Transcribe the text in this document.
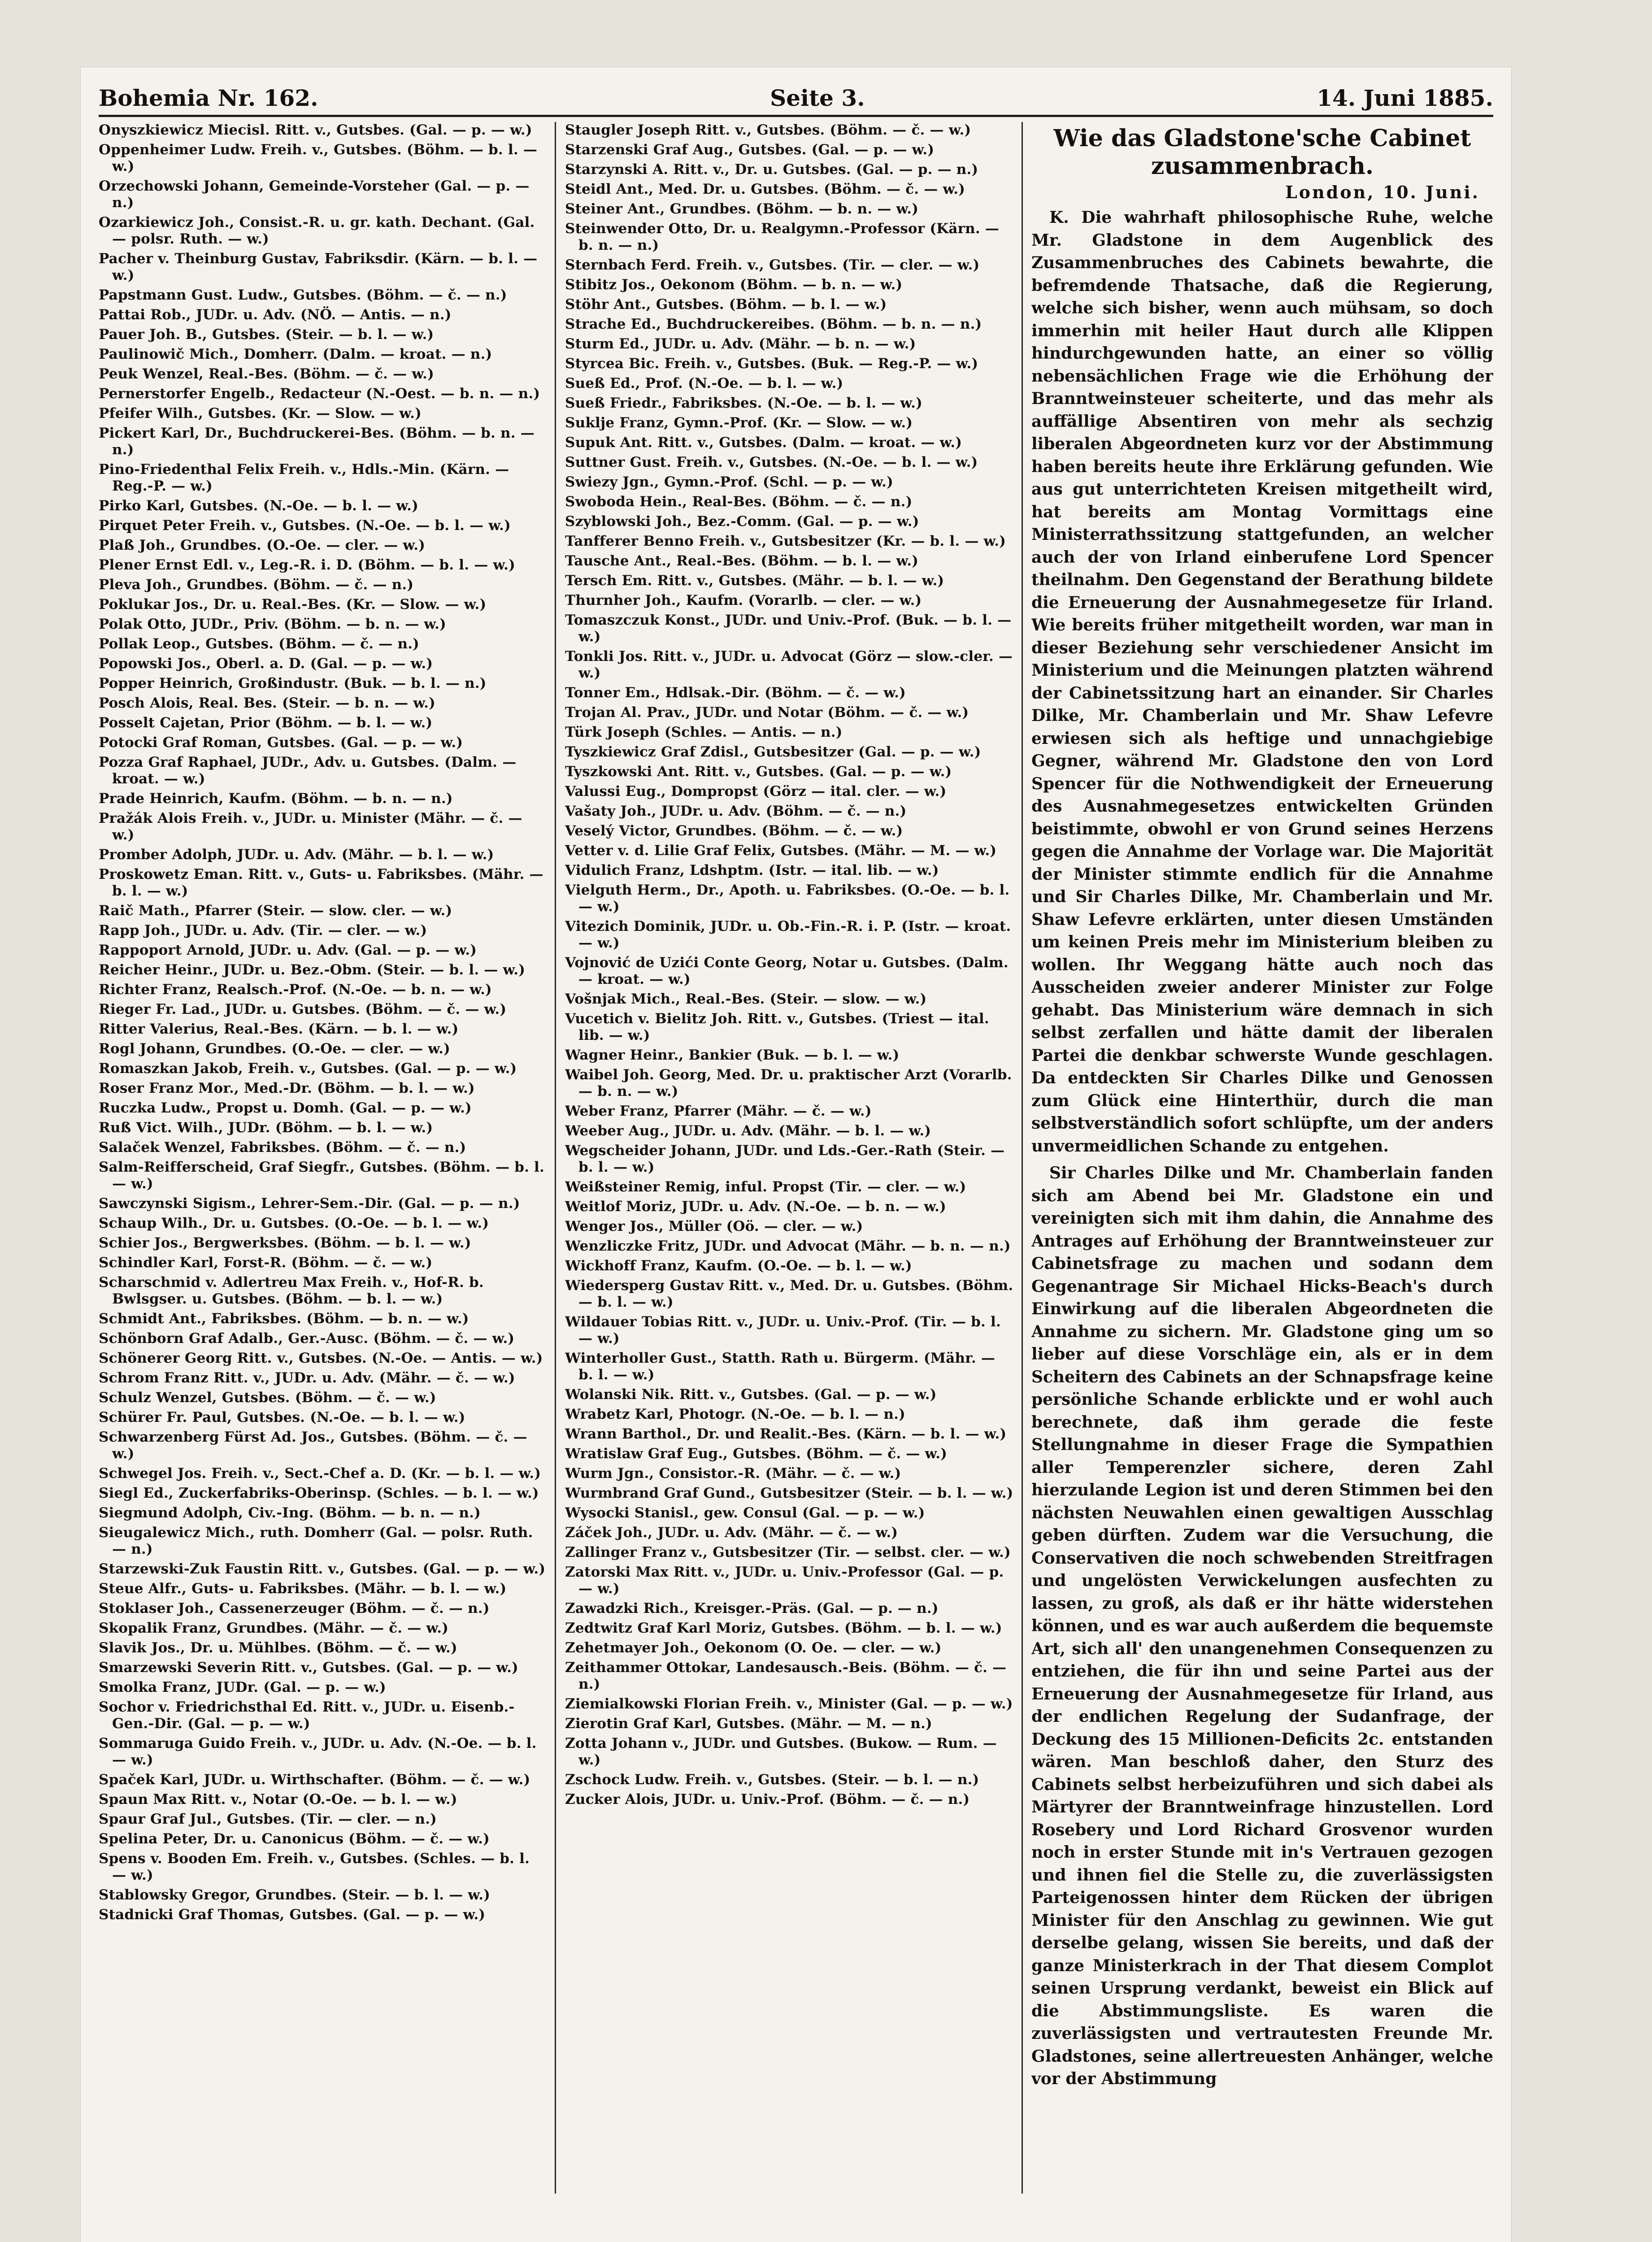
Bohemia Nr. 162.	Seite 3.	14. Juni 1885.

Onyszkiewicz Miecisl. Ritt. v., Gutsbes. (Gal. — p. — w.)

Oppenheimer Ludw. Freih. v., Gutsbes. (Böhm. — b. l. — w.)

Orzechowski Johann, Gemeinde-Vorsteher (Gal. — p. — n.)

Ozarkiewicz Joh., Consist.-R. u. gr. kath. Dechant. (Gal. — polsr. Ruth. — w.)

Pacher v. Theinburg Gustav, Fabriksdir. (Kärn. — b. l. — w.)

Papstmann Gust. Ludw., Gutsbes. (Böhm. — č. — n.)

Pattai Rob., JUDr. u. Adv. (NÖ. — Antis. — n.)

Pauer Joh. B., Gutsbes. (Steir. — b. l. — w.)

Paulinowič Mich., Domherr. (Dalm. — kroat. — n.)

Peuk Wenzel, Real.-Bes. (Böhm. — č. — w.)

Pernerstorfer Engelb., Redacteur (N.-Oest. — b. n. — n.)

Pfeifer Wilh., Gutsbes. (Kr. — Slow. — w.)

Pickert Karl, Dr., Buchdruckerei-Bes. (Böhm. — b. n. — n.)

Pino-Friedenthal Felix Freih. v., Hdls.-Min. (Kärn. — Reg.-P. — w.)

Pirko Karl, Gutsbes. (N.-Oe. — b. l. — w.)

Pirquet Peter Freih. v., Gutsbes. (N.-Oe. — b. l. — w.)

Plaß Joh., Grundbes. (O.-Oe. — cler. — w.)

Plener Ernst Edl. v., Leg.-R. i. D. (Böhm. — b. l. — w.)

Pleva Joh., Grundbes. (Böhm. — č. — n.)

Poklukar Jos., Dr. u. Real.-Bes. (Kr. — Slow. — w.)

Polak Otto, JUDr., Priv. (Böhm. — b. n. — w.)

Pollak Leop., Gutsbes. (Böhm. — č. — n.)

Popowski Jos., Oberl. a. D. (Gal. — p. — w.)

Popper Heinrich, Großindustr. (Buk. — b. l. — n.)

Posch Alois, Real. Bes. (Steir. — b. n. — w.)

Posselt Cajetan, Prior (Böhm. — b. l. — w.)

Potocki Graf Roman, Gutsbes. (Gal. — p. — w.)

Pozza Graf Raphael, JUDr., Adv. u. Gutsbes. (Dalm. — kroat. — w.)

Prade Heinrich, Kaufm. (Böhm. — b. n. — n.)

Pražák Alois Freih. v., JUDr. u. Minister (Mähr. — č. — w.)

Promber Adolph, JUDr. u. Adv. (Mähr. — b. l. — w.)

Proskowetz Eman. Ritt. v., Guts- u. Fabriksbes. (Mähr. — b. l. — w.)

Raič Math., Pfarrer (Steir. — slow. cler. — w.)

Rapp Joh., JUDr. u. Adv. (Tir. — cler. — w.)

Rappoport Arnold, JUDr. u. Adv. (Gal. — p. — w.)

Reicher Heinr., JUDr. u. Bez.-Obm. (Steir. — b. l. — w.)

Richter Franz, Realsch.-Prof. (N.-Oe. — b. n. — w.)

Rieger Fr. Lad., JUDr. u. Gutsbes. (Böhm. — č. — w.)

Ritter Valerius, Real.-Bes. (Kärn. — b. l. — w.)

Rogl Johann, Grundbes. (O.-Oe. — cler. — w.)

Romaszkan Jakob, Freih. v., Gutsbes. (Gal. — p. — w.)

Roser Franz Mor., Med.-Dr. (Böhm. — b. l. — w.)

Ruczka Ludw., Propst u. Domh. (Gal. — p. — w.)

Ruß Vict. Wilh., JUDr. (Böhm. — b. l. — w.)

Salaček Wenzel, Fabriksbes. (Böhm. — č. — n.)

Salm-Reifferscheid, Graf Siegfr., Gutsbes. (Böhm. — b. l. — w.)

Sawczynski Sigism., Lehrer-Sem.-Dir. (Gal. — p. — n.)

Schaup Wilh., Dr. u. Gutsbes. (O.-Oe. — b. l. — w.)

Schier Jos., Bergwerksbes. (Böhm. — b. l. — w.)

Schindler Karl, Forst-R. (Böhm. — č. — w.)

Scharschmid v. Adlertreu Max Freih. v., Hof-R. b. Bwlsgser. u. Gutsbes. (Böhm. — b. l. — w.)

Schmidt Ant., Fabriksbes. (Böhm. — b. n. — w.)

Schönborn Graf Adalb., Ger.-Ausc. (Böhm. — č. — w.)

Schönerer Georg Ritt. v., Gutsbes. (N.-Oe. — Antis. — w.)

Schrom Franz Ritt. v., JUDr. u. Adv. (Mähr. — č. — w.)

Schulz Wenzel, Gutsbes. (Böhm. — č. — w.)

Schürer Fr. Paul, Gutsbes. (N.-Oe. — b. l. — w.)

Schwarzenberg Fürst Ad. Jos., Gutsbes. (Böhm. — č. — w.)

Schwegel Jos. Freih. v., Sect.-Chef a. D. (Kr. — b. l. — w.)

Siegl Ed., Zuckerfabriks-Oberinsp. (Schles. — b. l. — w.)

Siegmund Adolph, Civ.-Ing. (Böhm. — b. n. — n.)

Sieugalewicz Mich., ruth. Domherr (Gal. — polsr. Ruth. — n.)

Starzewski-Zuk Faustin Ritt. v., Gutsbes. (Gal. — p. — w.)

Steue Alfr., Guts- u. Fabriksbes. (Mähr. — b. l. — w.)

Stoklaser Joh., Cassenerzeuger (Böhm. — č. — n.)

Skopalik Franz, Grundbes. (Mähr. — č. — w.)

Slavik Jos., Dr. u. Mühlbes. (Böhm. — č. — w.)

Smarzewski Severin Ritt. v., Gutsbes. (Gal. — p. — w.)

Smolka Franz, JUDr. (Gal. — p. — w.)

Sochor v. Friedrichsthal Ed. Ritt. v., JUDr. u. Eisenb.-Gen.-Dir. (Gal. — p. — w.)

Sommaruga Guido Freih. v., JUDr. u. Adv. (N.-Oe. — b. l. — w.)

Spaček Karl, JUDr. u. Wirthschafter. (Böhm. — č. — w.)

Spaun Max Ritt. v., Notar (O.-Oe. — b. l. — w.)

Spaur Graf Jul., Gutsbes. (Tir. — cler. — n.)

Spelina Peter, Dr. u. Canonicus (Böhm. — č. — w.)

Spens v. Booden Em. Freih. v., Gutsbes. (Schles. — b. l. — w.)

Stablowsky Gregor, Grundbes. (Steir. — b. l. — w.)

Stadnicki Graf Thomas, Gutsbes. (Gal. — p. — w.)

Staugler Joseph Ritt. v., Gutsbes. (Böhm. — č. — w.)

Starzenski Graf Aug., Gutsbes. (Gal. — p. — w.)

Starzynski A. Ritt. v., Dr. u. Gutsbes. (Gal. — p. — n.)

Steidl Ant., Med. Dr. u. Gutsbes. (Böhm. — č. — w.)

Steiner Ant., Grundbes. (Böhm. — b. n. — w.)

Steinwender Otto, Dr. u. Realgymn.-Professor (Kärn. — b. n. — n.)

Sternbach Ferd. Freih. v., Gutsbes. (Tir. — cler. — w.)

Stibitz Jos., Oekonom (Böhm. — b. n. — w.)

Stöhr Ant., Gutsbes. (Böhm. — b. l. — w.)

Strache Ed., Buchdruckereibes. (Böhm. — b. n. — n.)

Sturm Ed., JUDr. u. Adv. (Mähr. — b. n. — w.)

Styrcea Bic. Freih. v., Gutsbes. (Buk. — Reg.-P. — w.)

Sueß Ed., Prof. (N.-Oe. — b. l. — w.)

Sueß Friedr., Fabriksbes. (N.-Oe. — b. l. — w.)

Suklje Franz, Gymn.-Prof. (Kr. — Slow. — w.)

Supuk Ant. Ritt. v., Gutsbes. (Dalm. — kroat. — w.)

Suttner Gust. Freih. v., Gutsbes. (N.-Oe. — b. l. — w.)

Swiezy Jgn., Gymn.-Prof. (Schl. — p. — w.)

Swoboda Hein., Real-Bes. (Böhm. — č. — n.)

Szyblowski Joh., Bez.-Comm. (Gal. — p. — w.)

Tanfferer Benno Freih. v., Gutsbesitzer (Kr. — b. l. — w.)

Tausche Ant., Real.-Bes. (Böhm. — b. l. — w.)

Tersch Em. Ritt. v., Gutsbes. (Mähr. — b. l. — w.)

Thurnher Joh., Kaufm. (Vorarlb. — cler. — w.)

Tomaszczuk Konst., JUDr. und Univ.-Prof. (Buk. — b. l. — w.)

Tonkli Jos. Ritt. v., JUDr. u. Advocat (Görz — slow.-cler. — w.)

Tonner Em., Hdlsak.-Dir. (Böhm. — č. — w.)

Trojan Al. Prav., JUDr. und Notar (Böhm. — č. — w.)

Türk Joseph (Schles. — Antis. — n.)

Tyszkiewicz Graf Zdisl., Gutsbesitzer (Gal. — p. — w.)

Tyszkowski Ant. Ritt. v., Gutsbes. (Gal. — p. — w.)

Valussi Eug., Dompropst (Görz — ital. cler. — w.)

Vašaty Joh., JUDr. u. Adv. (Böhm. — č. — n.)

Veselý Victor, Grundbes. (Böhm. — č. — w.)

Vetter v. d. Lilie Graf Felix, Gutsbes. (Mähr. — M. — w.)

Vidulich Franz, Ldshptm. (Istr. — ital. lib. — w.)

Vielguth Herm., Dr., Apoth. u. Fabriksbes. (O.-Oe. — b. l. — w.)

Vitezich Dominik, JUDr. u. Ob.-Fin.-R. i. P. (Istr. — kroat. — w.)

Vojnović de Uzići Conte Georg, Notar u. Gutsbes. (Dalm. — kroat. — w.)

Vošnjak Mich., Real.-Bes. (Steir. — slow. — w.)

Vucetich v. Bielitz Joh. Ritt. v., Gutsbes. (Triest — ital. lib. — w.)

Wagner Heinr., Bankier (Buk. — b. l. — w.)

Waibel Joh. Georg, Med. Dr. u. praktischer Arzt (Vorarlb. — b. n. — w.)

Weber Franz, Pfarrer (Mähr. — č. — w.)

Weeber Aug., JUDr. u. Adv. (Mähr. — b. l. — w.)

Wegscheider Johann, JUDr. und Lds.-Ger.-Rath (Steir. — b. l. — w.)

Weißsteiner Remig, inful. Propst (Tir. — cler. — w.)

Weitlof Moriz, JUDr. u. Adv. (N.-Oe. — b. n. — w.)

Wenger Jos., Müller (Oö. — cler. — w.)

Wenzliczke Fritz, JUDr. und Advocat (Mähr. — b. n. — n.)

Wickhoff Franz, Kaufm. (O.-Oe. — b. l. — w.)

Wiedersperg Gustav Ritt. v., Med. Dr. u. Gutsbes. (Böhm. — b. l. — w.)

Wildauer Tobias Ritt. v., JUDr. u. Univ.-Prof. (Tir. — b. l. — w.)

Winterholler Gust., Statth. Rath u. Bürgerm. (Mähr. — b. l. — w.)

Wolanski Nik. Ritt. v., Gutsbes. (Gal. — p. — w.)

Wrabetz Karl, Photogr. (N.-Oe. — b. l. — n.)

Wrann Barthol., Dr. und Realit.-Bes. (Kärn. — b. l. — w.)

Wratislaw Graf Eug., Gutsbes. (Böhm. — č. — w.)

Wurm Jgn., Consistor.-R. (Mähr. — č. — w.)

Wurmbrand Graf Gund., Gutsbesitzer (Steir. — b. l. — w.)

Wysocki Stanisl., gew. Consul (Gal. — p. — w.)

Záček Joh., JUDr. u. Adv. (Mähr. — č. — w.)

Zallinger Franz v., Gutsbesitzer (Tir. — selbst. cler. — w.)

Zatorski Max Ritt. v., JUDr. u. Univ.-Professor (Gal. — p. — w.)

Zawadzki Rich., Kreisger.-Präs. (Gal. — p. — n.)

Zedtwitz Graf Karl Moriz, Gutsbes. (Böhm. — b. l. — w.)

Zehetmayer Joh., Oekonom (O. Oe. — cler. — w.)

Zeithammer Ottokar, Landesausch.-Beis. (Böhm. — č. — n.)

Ziemialkowski Florian Freih. v., Minister (Gal. — p. — w.)

Zierotin Graf Karl, Gutsbes. (Mähr. — M. — n.)

Zotta Johann v., JUDr. und Gutsbes. (Bukow. — Rum. — w.)

Zschock Ludw. Freih. v., Gutsbes. (Steir. — b. l. — n.)

Zucker Alois, JUDr. u. Univ.-Prof. (Böhm. — č. — n.)

Wie das Gladstone'sche Cabinet zusammenbrach.
London, 10. Juni.

K. Die wahrhaft philosophische Ruhe, welche Mr. Gladstone in dem Augenblick des Zusammenbruches des Cabinets bewahrte, die befremdende Thatsache, daß die Regierung, welche sich bisher, wenn auch mühsam, so doch immerhin mit heiler Haut durch alle Klippen hindurchgewunden hatte, an einer so völlig nebensächlichen Frage wie die Erhöhung der Branntweinsteuer scheiterte, und das mehr als auffällige Absentiren von mehr als sechzig liberalen Abgeordneten kurz vor der Abstimmung haben bereits heute ihre Erklärung gefunden. Wie aus gut unterrichteten Kreisen mitgetheilt wird, hat bereits am Montag Vormittags eine Ministerrathssitzung stattgefunden, an welcher auch der von Irland einberufene Lord Spencer theilnahm. Den Gegenstand der Berathung bildete die Erneuerung der Ausnahmegesetze für Irland. Wie bereits früher mitgetheilt worden, war man in dieser Beziehung sehr verschiedener Ansicht im Ministerium und die Meinungen platzten während der Cabinetssitzung hart an einander. Sir Charles Dilke, Mr. Chamberlain und Mr. Shaw Lefevre erwiesen sich als heftige und unnachgiebige Gegner, während Mr. Gladstone den von Lord Spencer für die Nothwendigkeit der Erneuerung des Ausnahmegesetzes entwickelten Gründen beistimmte, obwohl er von Grund seines Herzens gegen die Annahme der Vorlage war. Die Majorität der Minister stimmte endlich für die Annahme und Sir Charles Dilke, Mr. Chamberlain und Mr. Shaw Lefevre erklärten, unter diesen Umständen um keinen Preis mehr im Ministerium bleiben zu wollen. Ihr Weggang hätte auch noch das Ausscheiden zweier anderer Minister zur Folge gehabt. Das Ministerium wäre demnach in sich selbst zerfallen und hätte damit der liberalen Partei die denkbar schwerste Wunde geschlagen. Da entdeckten Sir Charles Dilke und Genossen zum Glück eine Hinterthür, durch die man selbstverständlich sofort schlüpfte, um der anders unvermeidlichen Schande zu entgehen.

Sir Charles Dilke und Mr. Chamberlain fanden sich am Abend bei Mr. Gladstone ein und vereinigten sich mit ihm dahin, die Annahme des Antrages auf Erhöhung der Branntweinsteuer zur Cabinetsfrage zu machen und sodann dem Gegenantrage Sir Michael Hicks-Beach's durch Einwirkung auf die liberalen Abgeordneten die Annahme zu sichern. Mr. Gladstone ging um so lieber auf diese Vorschläge ein, als er in dem Scheitern des Cabinets an der Schnapsfrage keine persönliche Schande erblickte und er wohl auch berechnete, daß ihm gerade die feste Stellungnahme in dieser Frage die Sympathien aller Temperenzler sichere, deren Zahl hierzulande Legion ist und deren Stimmen bei den nächsten Neuwahlen einen gewaltigen Ausschlag geben dürften. Zudem war die Versuchung, die Conservativen die noch schwebenden Streitfragen und ungelösten Verwickelungen ausfechten zu lassen, zu groß, als daß er ihr hätte widerstehen können, und es war auch außerdem die bequemste Art, sich all' den unangenehmen Consequenzen zu entziehen, die für ihn und seine Partei aus der Erneuerung der Ausnahmegesetze für Irland, aus der endlichen Regelung der Sudanfrage, der Deckung des 15 Millionen-Deficits 2c. entstanden wären. Man beschloß daher, den Sturz des Cabinets selbst herbeizuführen und sich dabei als Märtyrer der Branntweinfrage hinzustellen. Lord Rosebery und Lord Richard Grosvenor wurden noch in erster Stunde mit in's Vertrauen gezogen und ihnen fiel die Stelle zu, die zuverlässigsten Parteigenossen hinter dem Rücken der übrigen Minister für den Anschlag zu gewinnen. Wie gut derselbe gelang, wissen Sie bereits, und daß der ganze Ministerkrach in der That diesem Complot seinen Ursprung verdankt, beweist ein Blick auf die Abstimmungsliste. Es waren die zuverlässigsten und vertrautesten Freunde Mr. Gladstones, seine allertreuesten Anhänger, welche vor der Abstimmung
